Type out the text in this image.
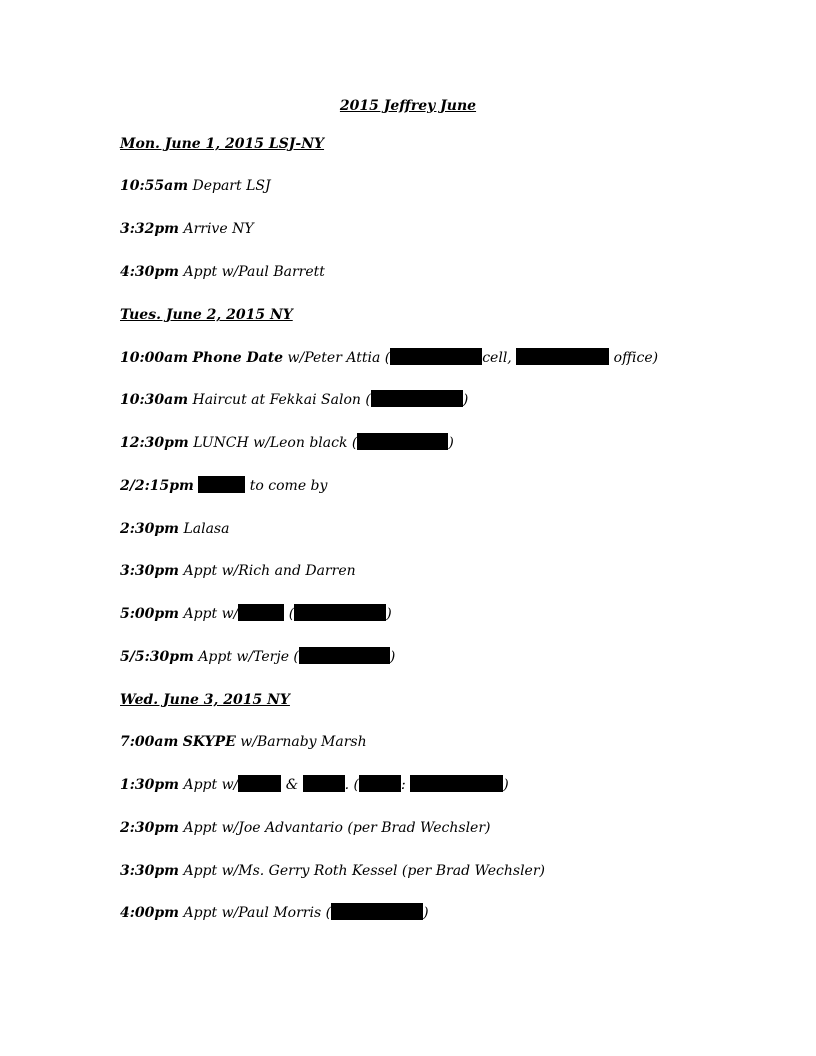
2015 Jeffrey June
Mon. June 1, 2015 LSJ-NY
10:55am Depart LSJ
3:32pm Arrive NY
4:30pm Appt w/Paul Barrett
Tues. June 2, 2015 NY
10:00am Phone Date w/Peter Attia (	cell,	office)
10:30am Haircut at Fekkai Salon (	)
12:30pm LUNCH w/Leon black (	)
2/2:15pm	to come by
2:30pm Lalasa
3:30pm Appt w/Rich and Darren
5:00pm Appt w/	(	)
5/5:30pm Appt w/Terje (	)
Wed. June 3, 2015 NY
7:00am SKYPE w/Barnaby Marsh
1:30pm Appt w/	&	. (	:	)
2:30pm Appt w/Joe Advantario (per Brad Wechsler)
3:30pm Appt w/Ms. Gerry Roth Kessel (per Brad Wechsler)
4:00pm Appt w/Paul Morris (	)
